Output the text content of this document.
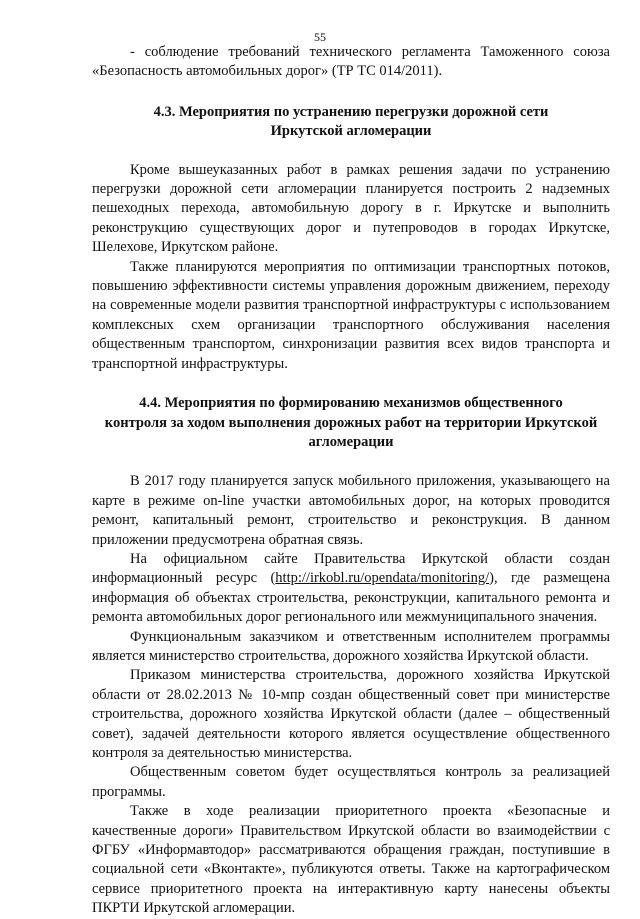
55

- соблюдение требований технического регламента Таможенного союза «Безопасность автомобильных дорог» (ТР ТС 014/2011).

4.3. Мероприятия по устранению перегрузки дорожной сети
Иркутской агломерации

Кроме вышеуказанных работ в рамках решения задачи по устранению перегрузки дорожной сети агломерации планируется построить 2 надземных пешеходных перехода, автомобильную дорогу в г. Иркутске и выполнить реконструкцию существующих дорог и путепроводов в городах Иркутске, Шелехове, Иркутском районе.

Также планируются мероприятия по оптимизации транспортных потоков, повышению эффективности системы управления дорожным движением, переходу на современные модели развития транспортной инфраструктуры с использованием комплексных схем организации транспортного обслуживания населения общественным транспортом, синхронизации развития всех видов транспорта и транспортной инфраструктуры.

4.4. Мероприятия по формированию механизмов общественного
контроля за ходом выполнения дорожных работ на территории Иркутской
агломерации

В 2017 году планируется запуск мобильного приложения, указывающего на карте в режиме on-line участки автомобильных дорог, на которых проводится ремонт, капитальный ремонт, строительство и реконструкция. В данном приложении предусмотрена обратная связь.

На официальном сайте Правительства Иркутской области создан информационный ресурс (http://irkobl.ru/opendata/monitoring/), где размещена информация об объектах строительства, реконструкции, капитального ремонта и ремонта автомобильных дорог регионального или межмуниципального значения.

Функциональным заказчиком и ответственным исполнителем программы является министерство строительства, дорожного хозяйства Иркутской области.

Приказом министерства строительства, дорожного хозяйства Иркутской области от 28.02.2013 № 10-мпр создан общественный совет при министерстве строительства, дорожного хозяйства Иркутской области (далее – общественный совет), задачей деятельности которого является осуществление общественного контроля за деятельностью министерства.

Общественным советом будет осуществляться контроль за реализацией программы.

Также в ходе реализации приоритетного проекта «Безопасные и качественные дороги» Правительством Иркутской области во взаимодействии с ФГБУ «Информавтодор» рассматриваются обращения граждан, поступившие в социальной сети «Вконтакте», публикуются ответы. Также на картографическом сервисе приоритетного проекта на интерактивную карту нанесены объекты ПКРТИ Иркутской агломерации.
